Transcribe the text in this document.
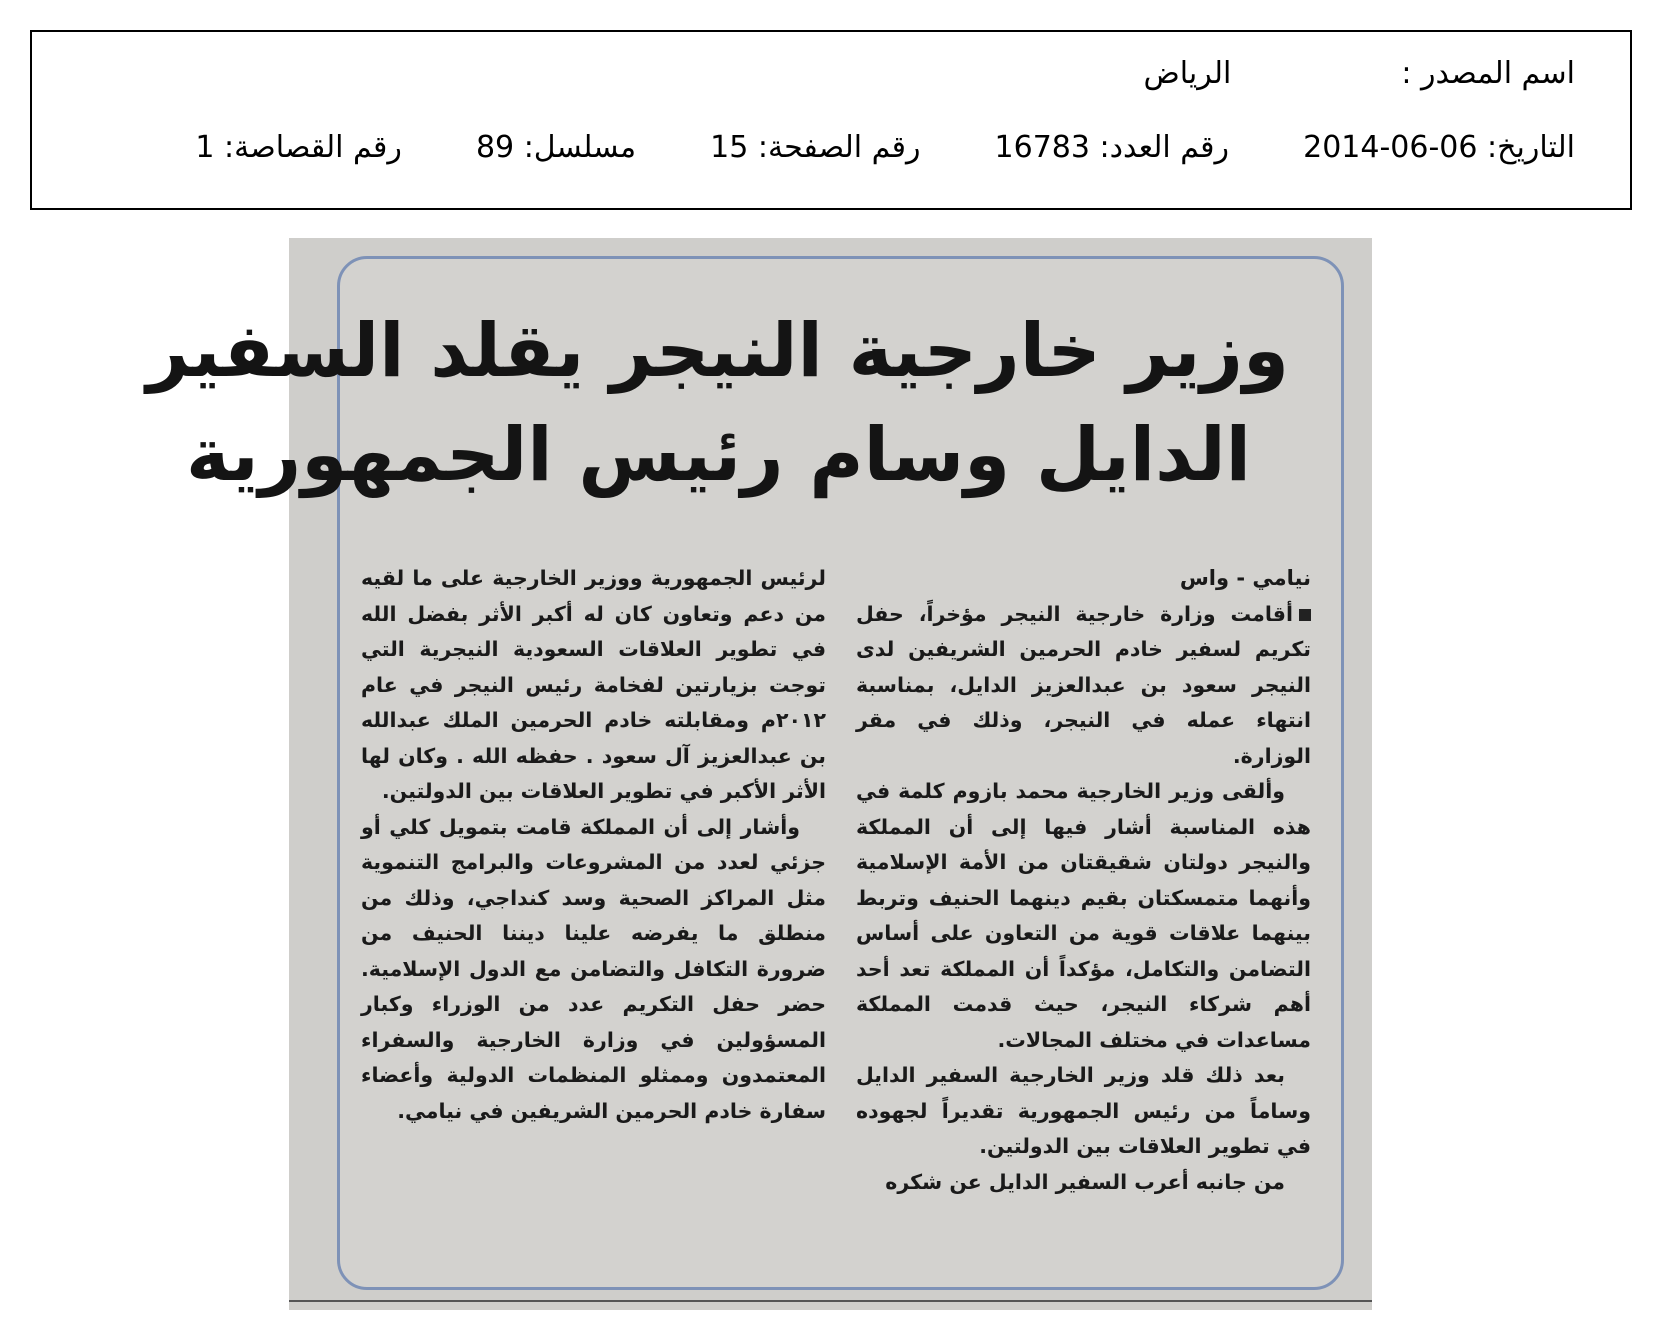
اسم المصدر :الرياض
التاريخ: 2014-06-06  رقم العدد: 16783  رقم الصفحة: 15  مسلسل: 89  رقم القصاصة: 1
وزير خارجية النيجر يقلد السفير
الدايل وسام رئيس الجمهورية
نيامي - واس

أقامت وزارة خارجية النيجر مؤخراً، حفل تكريم لسفير خادم الحرمين الشريفين لدى النيجر سعود بن عبدالعزيز الدايل، بمناسبة انتهاء عمله في النيجر، وذلك في مقر الوزارة.

وألقى وزير الخارجية محمد بازوم كلمة في هذه المناسبة أشار فيها إلى أن المملكة والنيجر دولتان شقيقتان من الأمة الإسلامية وأنهما متمسكتان بقيم دينهما الحنيف وتربط بينهما علاقات قوية من التعاون على أساس التضامن والتكامل، مؤكداً أن المملكة تعد أحد أهم شركاء النيجر، حيث قدمت المملكة مساعدات في مختلف المجالات.

بعد ذلك قلد وزير الخارجية السفير الدايل وساماً من رئيس الجمهورية تقديراً لجهوده في تطوير العلاقات بين الدولتين.

من جانبه أعرب السفير الدايل عن شكره

لرئيس الجمهورية ووزير الخارجية على ما لقيه من دعم وتعاون كان له أكبر الأثر بفضل الله في تطوير العلاقات السعودية النيجرية التي توجت بزيارتين لفخامة رئيس النيجر في عام ٢٠١٢م ومقابلته خادم الحرمين الملك عبدالله بن عبدالعزيز آل سعود . حفظه الله . وكان لها الأثر الأكبر في تطوير العلاقات بين الدولتين.

وأشار إلى أن المملكة قامت بتمويل كلي أو جزئي لعدد من المشروعات والبرامج التنموية مثل المراكز الصحية وسد كنداجي، وذلك من منطلق ما يفرضه علينا ديننا الحنيف من ضرورة التكافل والتضامن مع الدول الإسلامية. حضر حفل التكريم عدد من الوزراء وكبار المسؤولين في وزارة الخارجية والسفراء المعتمدون وممثلو المنظمات الدولية وأعضاء سفارة خادم الحرمين الشريفين في نيامي.
